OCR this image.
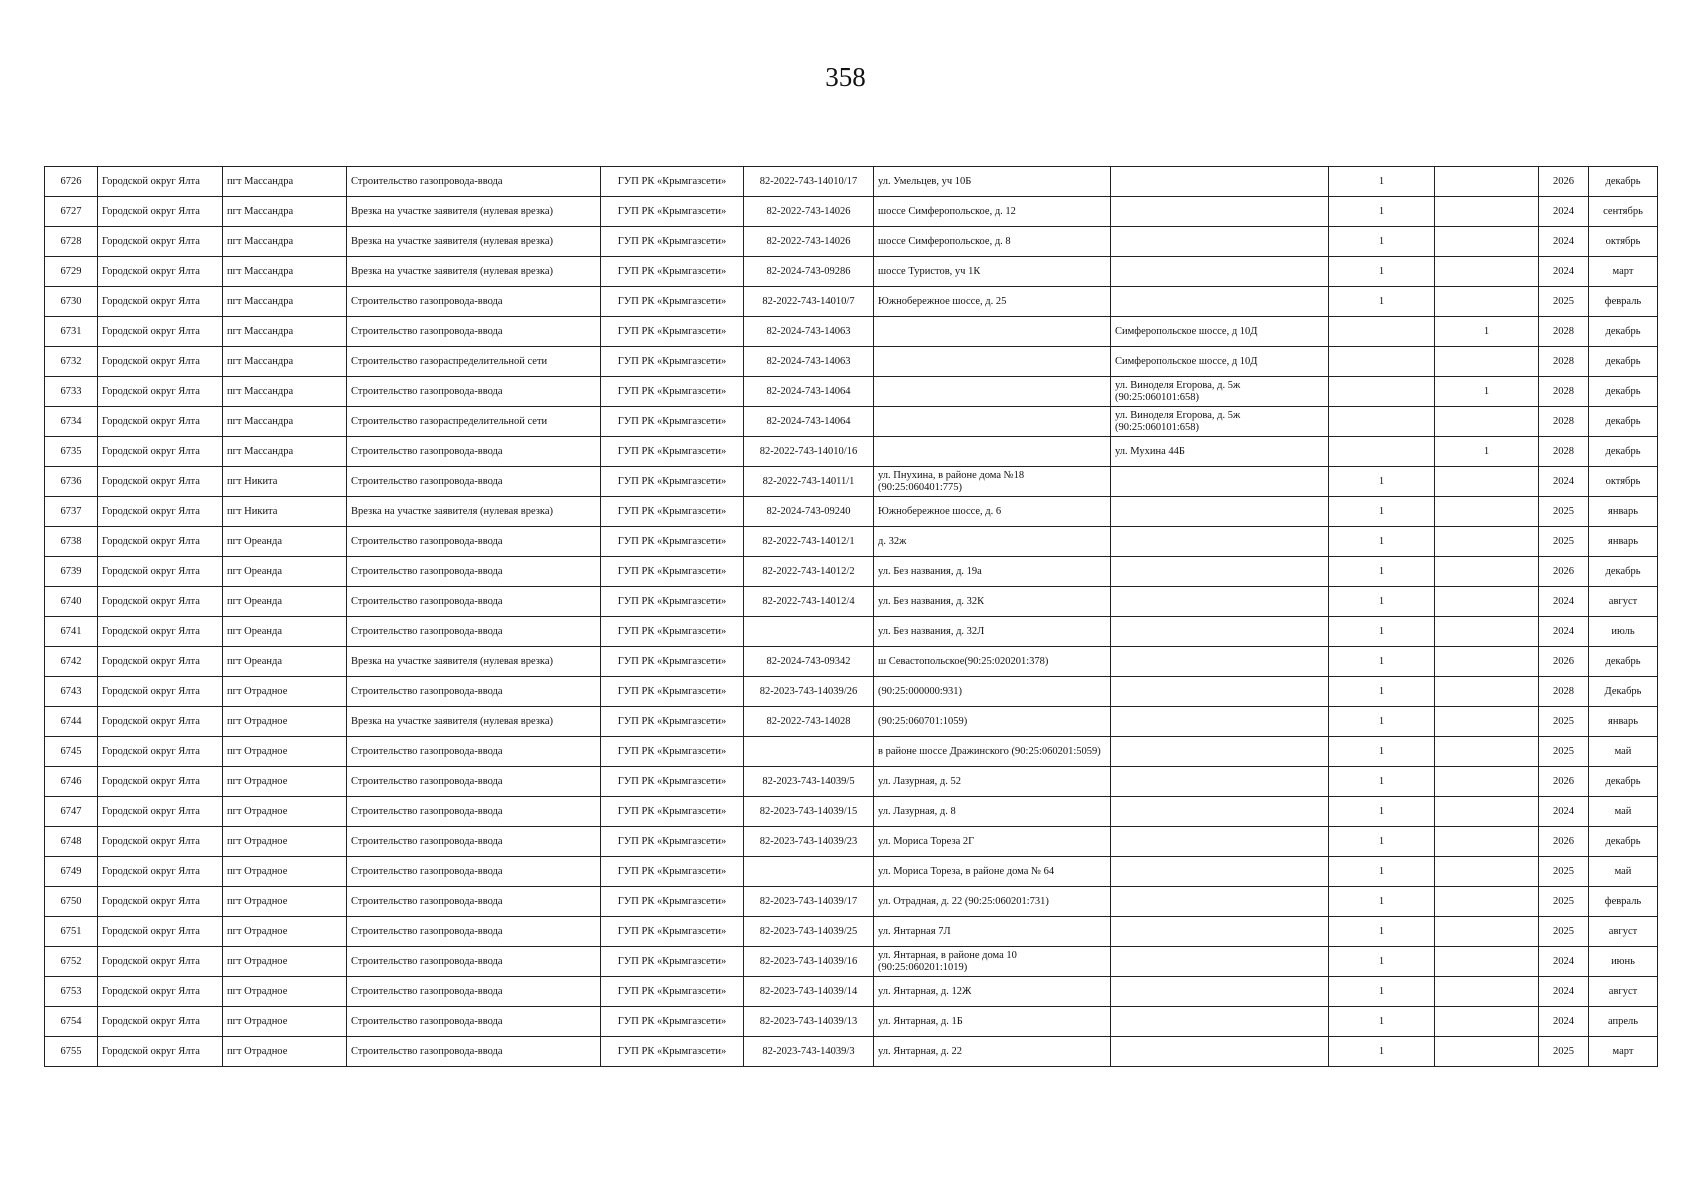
358
6726	Городской округ Ялта	пгт Массандра	Строительство газопровода-ввода	ГУП РК «Крымгазсети»	82-2022-743-14010/17	ул. Умельцев, уч 10Б		1		2026	декабрь
6727	Городской округ Ялта	пгт Массандра	Врезка на участке заявителя (нулевая врезка)	ГУП РК «Крымгазсети»	82-2022-743-14026	шоссе Симферопольское, д. 12		1		2024	сентябрь
6728	Городской округ Ялта	пгт Массандра	Врезка на участке заявителя (нулевая врезка)	ГУП РК «Крымгазсети»	82-2022-743-14026	шоссе Симферопольское, д. 8		1		2024	октябрь
6729	Городской округ Ялта	пгт Массандра	Врезка на участке заявителя (нулевая врезка)	ГУП РК «Крымгазсети»	82-2024-743-09286	шоссе Туристов, уч 1К		1		2024	март
6730	Городской округ Ялта	пгт Массандра	Строительство газопровода-ввода	ГУП РК «Крымгазсети»	82-2022-743-14010/7	Южнобережное шоссе, д. 25		1		2025	февраль
6731	Городской округ Ялта	пгт Массандра	Строительство газопровода-ввода	ГУП РК «Крымгазсети»	82-2024-743-14063		Симферопольское шоссе, д 10Д		1	2028	декабрь
6732	Городской округ Ялта	пгт Массандра	Строительство газораспределительной сети	ГУП РК «Крымгазсети»	82-2024-743-14063		Симферопольское шоссе, д 10Д			2028	декабрь
6733	Городской округ Ялта	пгт Массандра	Строительство газопровода-ввода	ГУП РК «Крымгазсети»	82-2024-743-14064		ул. Виноделя Егорова, д. 5ж (90:25:060101:658)		1	2028	декабрь
6734	Городской округ Ялта	пгт Массандра	Строительство газораспределительной сети	ГУП РК «Крымгазсети»	82-2024-743-14064		ул. Виноделя Егорова, д. 5ж (90:25:060101:658)			2028	декабрь
6735	Городской округ Ялта	пгт Массандра	Строительство газопровода-ввода	ГУП РК «Крымгазсети»	82-2022-743-14010/16		ул. Мухина 44Б		1	2028	декабрь
6736	Городской округ Ялта	пгт Никита	Строительство газопровода-ввода	ГУП РК «Крымгазсети»	82-2022-743-14011/1	ул. Пнухина, в районе дома №18 (90:25:060401:775)		1		2024	октябрь
6737	Городской округ Ялта	пгт Никита	Врезка на участке заявителя (нулевая врезка)	ГУП РК «Крымгазсети»	82-2024-743-09240	Южнобережное шоссе, д. 6		1		2025	январь
6738	Городской округ Ялта	пгт Ореанда	Строительство газопровода-ввода	ГУП РК «Крымгазсети»	82-2022-743-14012/1	д. 32ж		1		2025	январь
6739	Городской округ Ялта	пгт Ореанда	Строительство газопровода-ввода	ГУП РК «Крымгазсети»	82-2022-743-14012/2	ул. Без названия, д. 19а		1		2026	декабрь
6740	Городской округ Ялта	пгт Ореанда	Строительство газопровода-ввода	ГУП РК «Крымгазсети»	82-2022-743-14012/4	ул. Без названия, д. 32К		1		2024	август
6741	Городской округ Ялта	пгт Ореанда	Строительство газопровода-ввода	ГУП РК «Крымгазсети»		ул. Без названия, д. 32Л		1		2024	июль
6742	Городской округ Ялта	пгт Ореанда	Врезка на участке заявителя (нулевая врезка)	ГУП РК «Крымгазсети»	82-2024-743-09342	ш Севастопольское(90:25:020201:378)		1		2026	декабрь
6743	Городской округ Ялта	пгт Отрадное	Строительство газопровода-ввода	ГУП РК «Крымгазсети»	82-2023-743-14039/26	(90:25:000000:931)		1		2028	Декабрь
6744	Городской округ Ялта	пгт Отрадное	Врезка на участке заявителя (нулевая врезка)	ГУП РК «Крымгазсети»	82-2022-743-14028	(90:25:060701:1059)		1		2025	январь
6745	Городской округ Ялта	пгт Отрадное	Строительство газопровода-ввода	ГУП РК «Крымгазсети»		в районе шоссе Дражинского (90:25:060201:5059)		1		2025	май
6746	Городской округ Ялта	пгт Отрадное	Строительство газопровода-ввода	ГУП РК «Крымгазсети»	82-2023-743-14039/5	ул. Лазурная, д. 52		1		2026	декабрь
6747	Городской округ Ялта	пгт Отрадное	Строительство газопровода-ввода	ГУП РК «Крымгазсети»	82-2023-743-14039/15	ул. Лазурная, д. 8		1		2024	май
6748	Городской округ Ялта	пгт Отрадное	Строительство газопровода-ввода	ГУП РК «Крымгазсети»	82-2023-743-14039/23	ул. Мориса Тореза 2Г		1		2026	декабрь
6749	Городской округ Ялта	пгт Отрадное	Строительство газопровода-ввода	ГУП РК «Крымгазсети»		ул. Мориса Тореза, в районе дома № 64		1		2025	май
6750	Городской округ Ялта	пгт Отрадное	Строительство газопровода-ввода	ГУП РК «Крымгазсети»	82-2023-743-14039/17	ул. Отрадная, д. 22 (90:25:060201:731)		1		2025	февраль
6751	Городской округ Ялта	пгт Отрадное	Строительство газопровода-ввода	ГУП РК «Крымгазсети»	82-2023-743-14039/25	ул. Янтарная 7Л		1		2025	август
6752	Городской округ Ялта	пгт Отрадное	Строительство газопровода-ввода	ГУП РК «Крымгазсети»	82-2023-743-14039/16	ул. Янтарная, в районе дома 10 (90:25:060201:1019)		1		2024	июнь
6753	Городской округ Ялта	пгт Отрадное	Строительство газопровода-ввода	ГУП РК «Крымгазсети»	82-2023-743-14039/14	ул. Янтарная, д. 12Ж		1		2024	август
6754	Городской округ Ялта	пгт Отрадное	Строительство газопровода-ввода	ГУП РК «Крымгазсети»	82-2023-743-14039/13	ул. Янтарная, д. 1Б		1		2024	апрель
6755	Городской округ Ялта	пгт Отрадное	Строительство газопровода-ввода	ГУП РК «Крымгазсети»	82-2023-743-14039/3	ул. Янтарная, д. 22		1		2025	март
